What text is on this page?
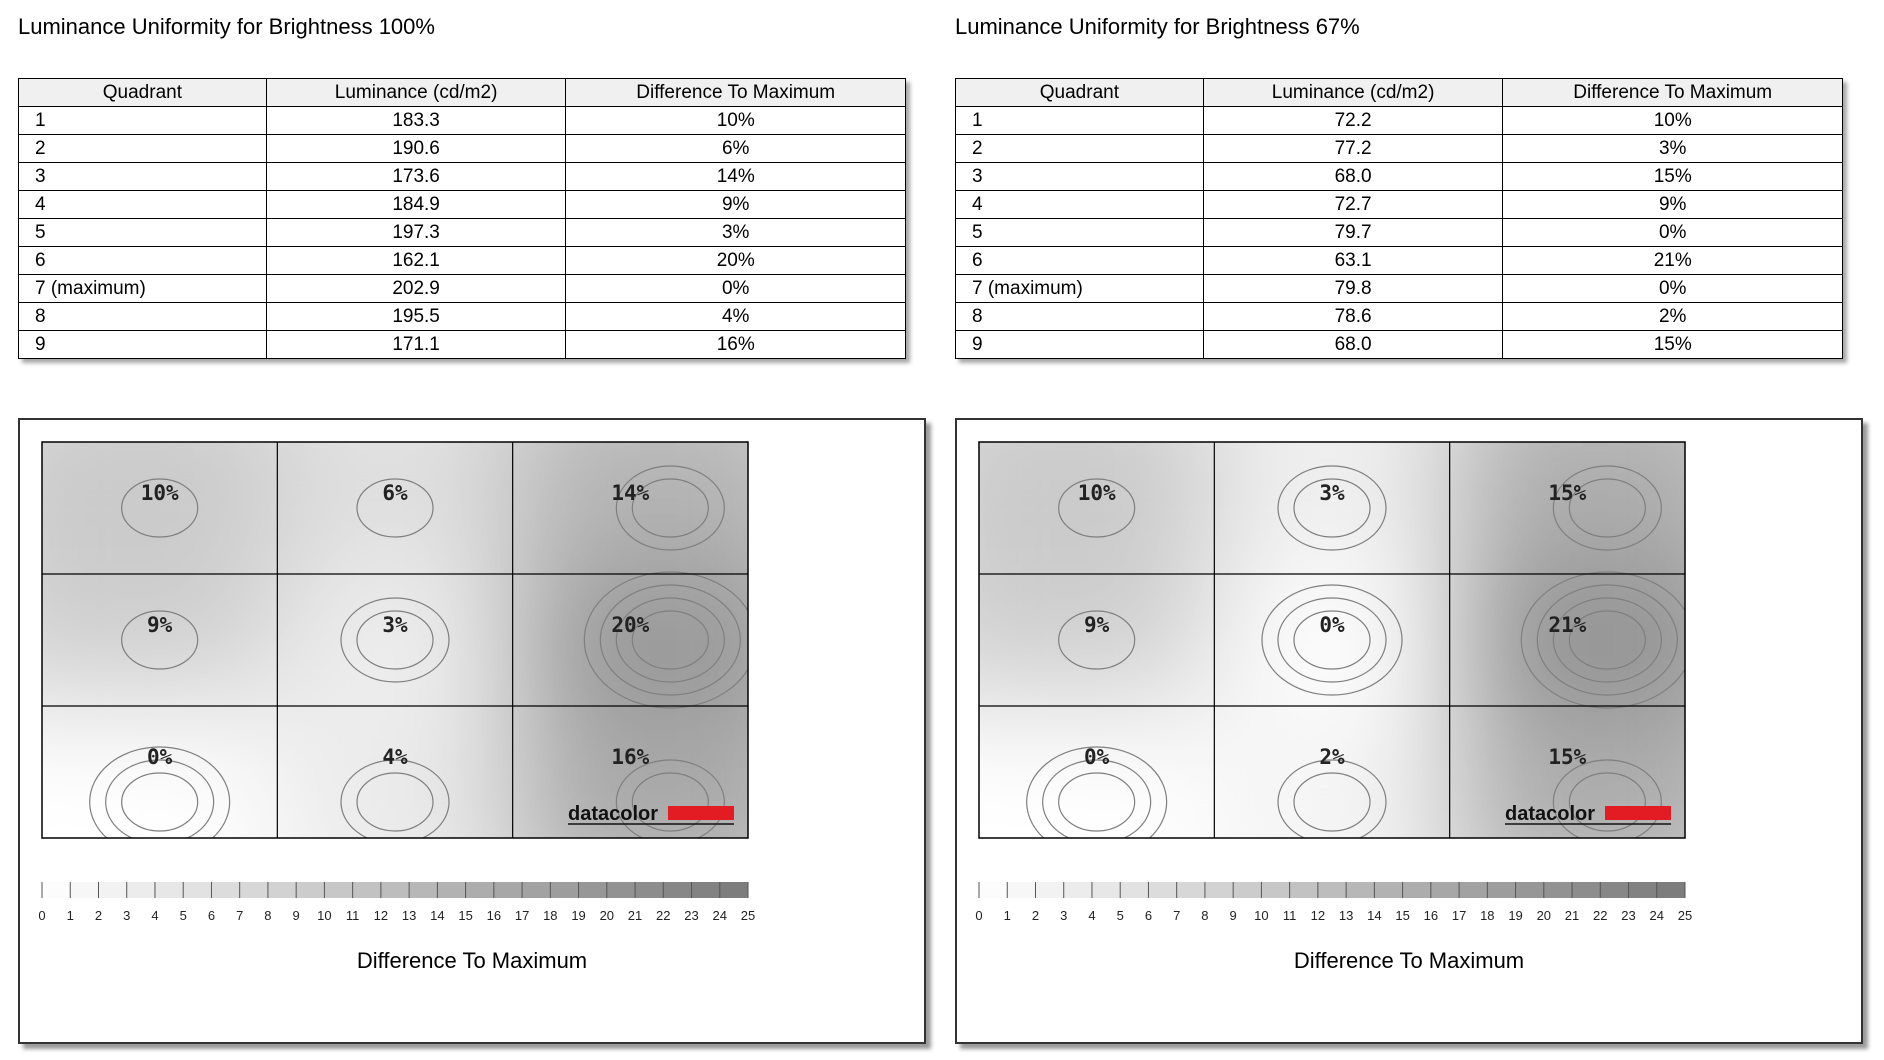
Luminance Uniformity for Brightness 100%
Quadrant	Luminance (cd/m2)	Difference To Maximum
1	183.3	10%
2	190.6	6%
3	173.6	14%
4	184.9	9%
5	197.3	3%
6	162.1	20%
7 (maximum)	202.9	0%
8	195.5	4%
9	171.1	16%
10%	6%	14%
9%	3%	20%
0%	4%	16%
datacolor
0 1 2 3 4 5 6 7 8 9 10 11 12 13 14 15 16 17 18 19 20 21 22 23 24 25
Difference To Maximum
Luminance Uniformity for Brightness 67%
Quadrant	Luminance (cd/m2)	Difference To Maximum
1	72.2	10%
2	77.2	3%
3	68.0	15%
4	72.7	9%
5	79.7	0%
6	63.1	21%
7 (maximum)	79.8	0%
8	78.6	2%
9	68.0	15%
10%	3%	15%
9%	0%	21%
0%	2%	15%
datacolor
0 1 2 3 4 5 6 7 8 9 10 11 12 13 14 15 16 17 18 19 20 21 22 23 24 25
Difference To Maximum
